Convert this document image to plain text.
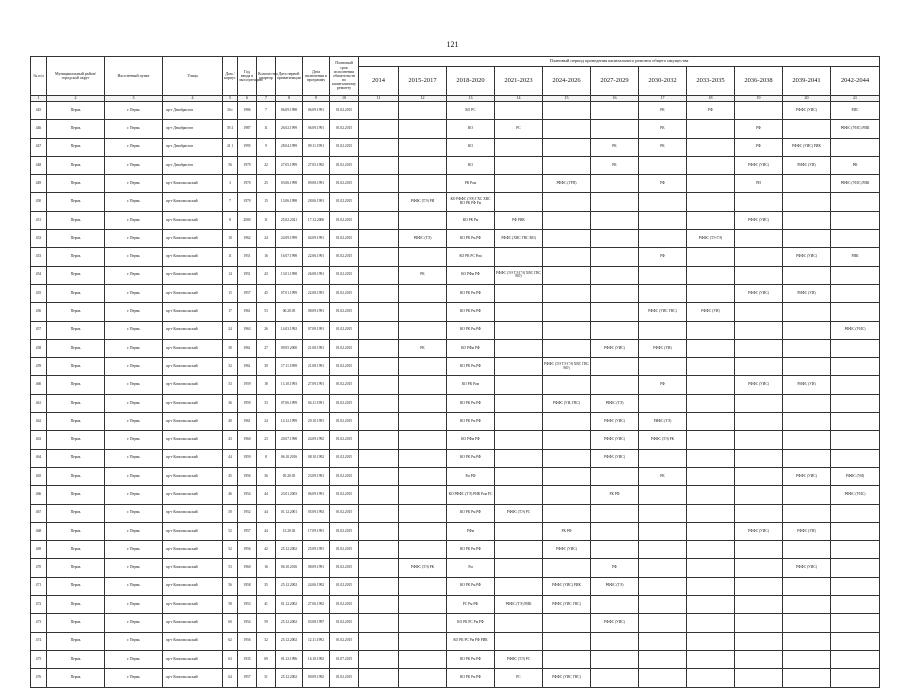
121
№ п/п	Муниципальный район/городской округ	Населенный пункт	Улица	Дом / корпус	Год ввода в эксплуатацию	Количество квартир	Дата первой приватизации	Дата включения в программу	Плановый срок исполнения обязательств по капитальному ремонту	Плановый период проведения капитального ремонта общего имущества										
										2014	2015-2017	2018-2020	2021-2023	2024-2026	2027-2029	2030-2032	2033-2035	2036-2038	2039-2041	2042-2044
1	2	3	4	5	6	7	8	9	10	11	12	13	14	15	16	17	18	19	20	21
445	Пермь	г. Пермь	пр-т Декабристов	30 г	1986	7	06.09.1998	06.09.1991	01.02.2015			КО РС				РК	РФ		РФФС (УИС)	РИС
446	Пермь	г. Пермь	пр-т Декабристов	39 2	1987	11	26.02.1999	06.09.1991	01.02.2015			КО	РС			РК		РФ		РФФС (УИС) РИК
447	Пермь	г. Пермь	пр-т Декабристов	41 1	1995	9	28.04.1999	09.11.1991	01.02.2015			КО			РК	РК		РФ	РФФС (УИС) РИК	
448	Пермь	г. Пермь	пр-т Декабристов	56	1979	22	27.05.1999	27.05.1992	01.02.2015			КО			РК			РФФС (УИС)	РИФС (УИ)	РФ
449	Пермь	г. Пермь	пр-т Комсомольский	3	1970	25	03.06.1998	09.08.1991	01.02.2015			РК Ром		РФФС (ГРП)		РФ		РИ		РФФС (УИС) РИК
450	Пермь	г. Пермь	пр-т Комсомольский	7	1970	15	13.06.1998	28.06.1991	01.02.2015		РФФС (ТЭ) РИ	КО РФФС (ЭЭ) ГХС ХВС ВО РК РФ Рм								
451	Пермь	г. Пермь	пр-т Комсомольский	8	2000	11	25.02.2021	17.12.2006	01.02.2015			КО РК Рм	РФ РИК					РФФС (УИС)		
452	Пермь	г. Пермь	пр-т Комсомольский	10	1962	24	24.09.1999	04.09.1991	01.02.2015		РФФС (ТЭ)	КО РК Рм РФ	РФФС (ХВС ГВС ВО)				РФФС (ТЭ ГЭ)			
453	Пермь	г. Пермь	пр-т Комсомольский	11	1951	16	16.07.1998	22.06.1991	01.02.2015			КО РК РС Ром				РФ			РФФС (УИС)	РИК
454	Пермь	г. Пермь	пр-т Комсомольский	14	1951	43	13.01.1998	26.08.1991	01.02.2015		РК	КО РФм РФ	РФФС (ЭЭ ТЭ ГЭ) ХВС ГВС ВО)							
455	Пермь	г. Пермь	пр-т Комсомольский	15	1957	45	07.01.1999	22.08.1991	01.02.2015			КО РК Рм РФ						РФФС (УИС)	РИФС (УИ)	
456	Пермь	г. Пермь	пр-т Комсомольский	17	1961	53	06.20.05	08.09.1991	01.02.2015			КО РК Рм РФ				РФФС (УИС ГВС)	РФФС (УИ)			
457	Пермь	г. Пермь	пр-т Комсомольский	24	1963	26	14.03.1992	07.09.1991	01.02.2015			КО РК Рм РФ								РФФС (УИС)
458	Пермь	г. Пермь	пр-т Комсомольский	30	1961	27	09.05.2000	21.08.1991	01.02.2015		РК	КО РФм РФ			РФФС (УИС)	РФФС (УИ)				
459	Пермь	г. Пермь	пр-т Комсомольский	32	1961	39	17.11.1998	21.08.1991	01.02.2015			КО РК Рм РФ		РФФС (ЭЭ ТЭ ГЭ) ХВС ГВС ВО)						
460	Пермь	г. Пермь	пр-т Комсомольский	33	1959	18	13.10.1993	27.09.1991	01.02.2015			КО РК Ром				РФ		РФФС (УИС)	РИФС (УИ)	
461	Пермь	г. Пермь	пр-т Комсомольский	36	1959	33	07.06.1999	04.11.1991	01.02.2015			КО РК Рм РФ		РФФС (УИ, ГВС)	РФФС (ТЭ)					
462	Пермь	г. Пермь	пр-т Комсомольский	40	1961	24	14.12.1999	29.10.1991	01.02.2015			КО РК Рм РФ			РФФС (УИС)	РИФС (ТЭ)				
463	Пермь	г. Пермь	пр-т Комсомольский	43	1960	23	20.07.1998	24.09.1992	01.02.2015			КО РФм РФ			РФФС (УИС)	РФФС (ТЭ) РК				
464	Пермь	г. Пермь	пр-т Комсомольский	44	1959	8	06.10.2016	08.10.1992	01.02.2015			КО РК Рм РФ			РФФС (УИС)					
465	Пермь	г. Пермь	пр-т Комсомольский	45	1956	36	05.20.05	23.09.1991	01.02.2015			Рм РФ				РК			РФФС (УИС)	РФФС (УИ)
466	Пермь	г. Пермь	пр-т Комсомольский	46	1954	44	23.01.2003	06.09.1991	01.02.2015			КО РФФС (ТЭ) РИК Ром РС			РК РФ					РФФС (УИС)
467	Пермь	г. Пермь	пр-т Комсомольский	50	1952	44	01.12.2001	05.09.1992	01.02.2015			КО РК Рм РФ	РФФС (ТЭ) РС							
468	Пермь	г. Пермь	пр-т Комсомольский	52	1957	44	15.20.02	17.09.1991	01.02.2015			РФм		РК РФ				РФФС (УИС)	РФФС (УИ)	
469	Пермь	г. Пермь	пр-т Комсомольский	52	1956	42	25.12.2002	25.09.1991	01.02.2015			КО РК Рм РФ		РФФС (УИС)						
470	Пермь	г. Пермь	пр-т Комсомольский	53	1960	16	06.10.2016	08.09.1991	01.02.2015		РФФС (ТЭ) РК	Рм			РФ				РФФС (УИС)	
471	Пермь	г. Пермь	пр-т Комсомольский	56	1958	35	25.12.2002	24.06.1992	01.02.2015			КО РК Рм РФ		РФФС (УИС) РИК	РФФС (ТЭ)					
472	Пермь	г. Пермь	пр-т Комсомольский	58	1953	41	01.12.2002	27.06.1992	01.02.2015			РС Рм РФ	РФФС (ТЭ) РИК	РФФС (УИС ГВС)						
473	Пермь	г. Пермь	пр-т Комсомольский	60	1954	59	25.12.2002	03.08.1997	01.02.2015			КО РК РС Рм РФ			РФФС (УИС)					
474	Пермь	г. Пермь	пр-т Комсомольский	62	1956	32	25.12.2002	12.11.1992	01.02.2015			КО РК РС Рм РФ РИК								
475	Пермь	г. Пермь	пр-т Комсомольский	63	1935	69	01.12.1996	16.10.1992	01.07.2015			КО РК Рм РФ	РФФС (ТЭ) РС							
476	Пермь	г. Пермь	пр-т Комсомольский	64	1957	31	25.12.2002	09.09.1992	01.02.2015			КО РК Рм РФ	РС	РФФС (УИС ГВС)						
